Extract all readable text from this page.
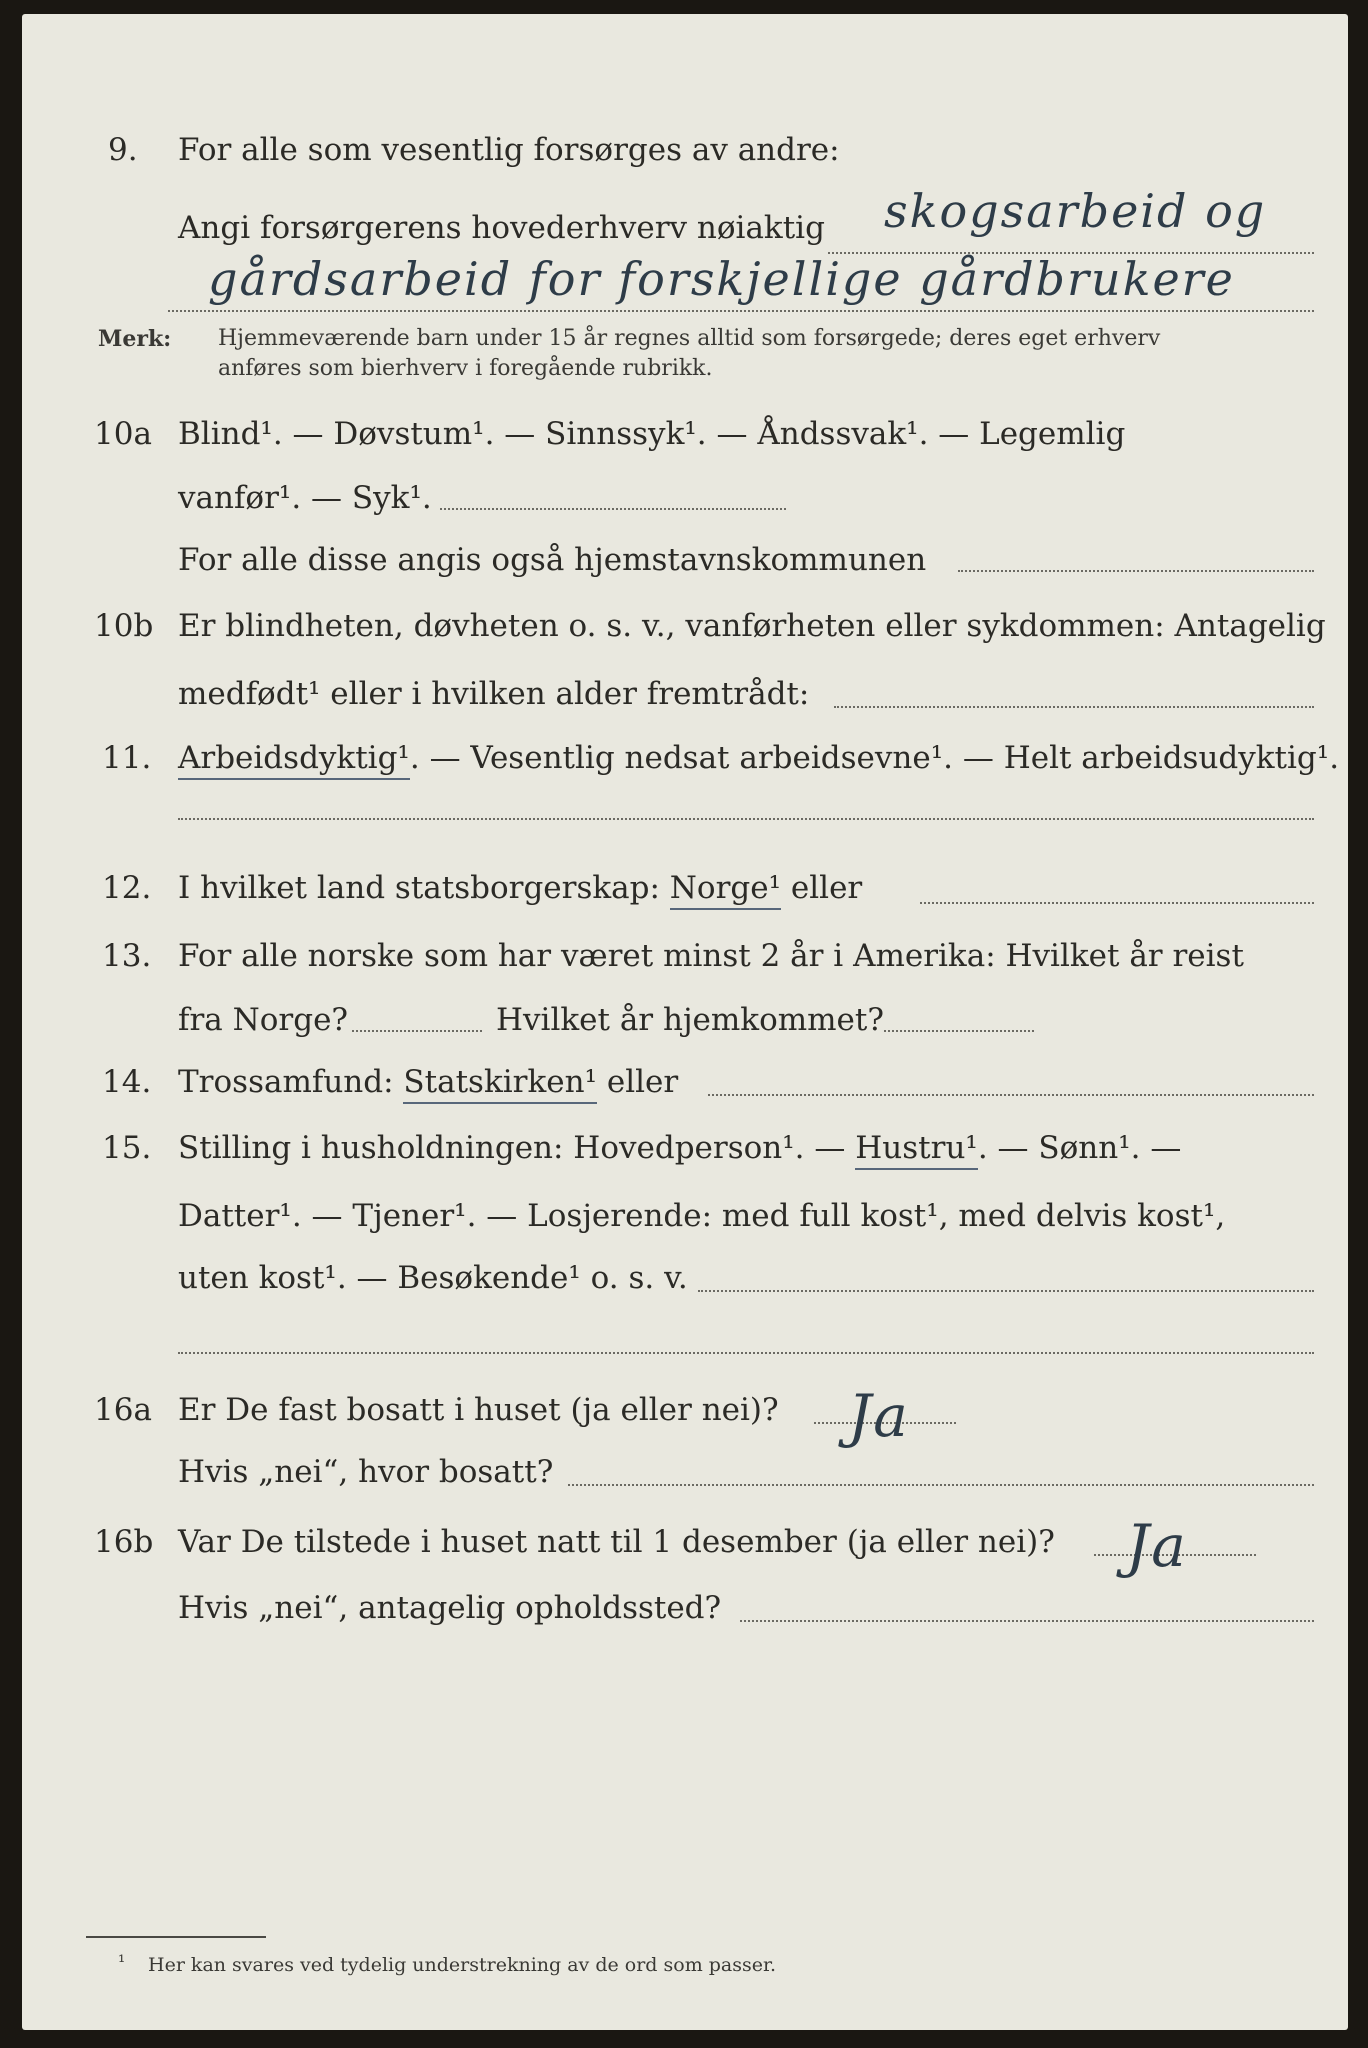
9. For alle som vesentlig forsørges av andre:
Angi forsørgerens hovederhverv nøiaktig skogsarbeid og
gårdsarbeid for forskjellige gårdbrukere
Merk: Hjemmeværende barn under 15 år regnes alltid som forsørgede; deres eget erhverv
anføres som bierhverv i foregående rubrikk.
10a Blind¹. — Døvstum¹. — Sinnssyk¹. — Åndssvak¹. — Legemlig
vanfør¹. — Syk¹.
For alle disse angis også hjemstavnskommunen
10b Er blindheten, døvheten o. s. v., vanførheten eller sykdommen: Antagelig
medfødt¹ eller i hvilken alder fremtrådt:
11. Arbeidsdyktig¹. — Vesentlig nedsat arbeidsevne¹. — Helt arbeidsudyktig¹.
12. I hvilket land statsborgerskap: Norge¹ eller
13. For alle norske som har været minst 2 år i Amerika: Hvilket år reist
fra Norge?	Hvilket år hjemkommet?
14. Trossamfund: Statskirken¹ eller
15. Stilling i husholdningen: Hovedperson¹. — Hustru¹. — Sønn¹. —
Datter¹. — Tjener¹. — Losjerende: med full kost¹, med delvis kost¹,
uten kost¹. — Besøkende¹ o. s. v.
16a Er De fast bosatt i huset (ja eller nei)? Ja
Hvis „nei“, hvor bosatt?
16b Var De tilstede i huset natt til 1 desember (ja eller nei)? Ja
Hvis „nei“, antagelig opholdssted?
¹ Her kan svares ved tydelig understrekning av de ord som passer.
